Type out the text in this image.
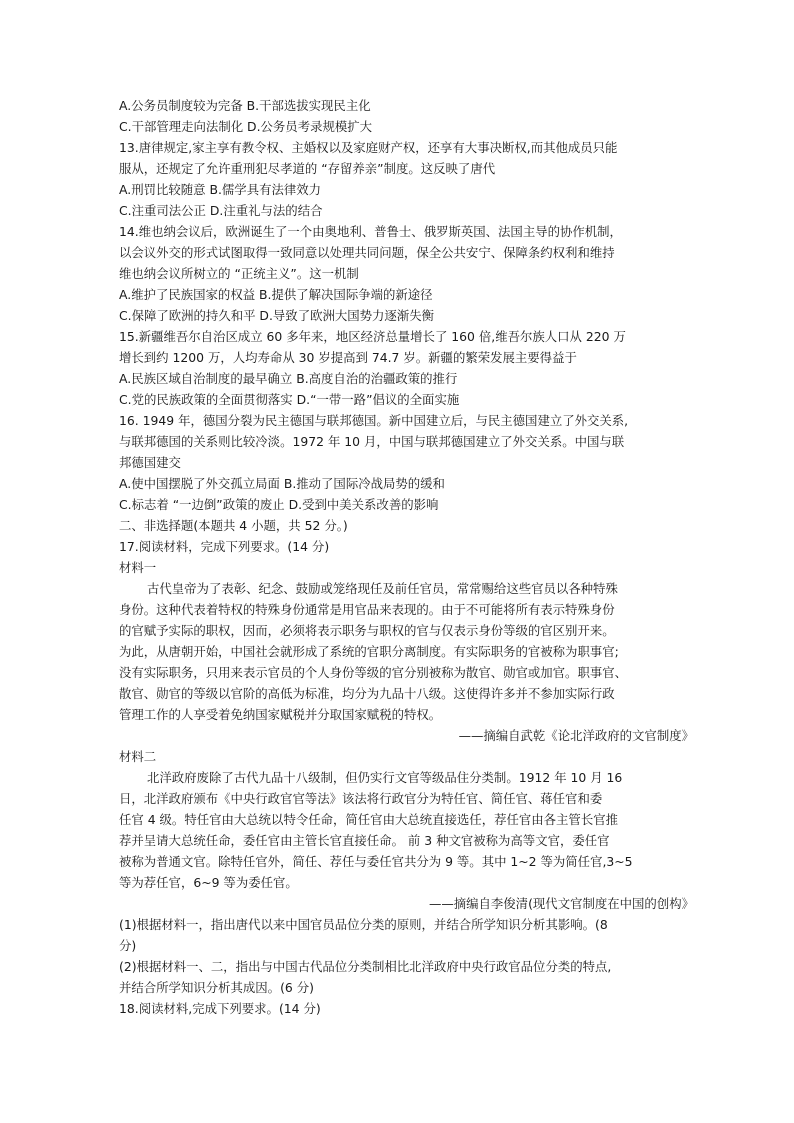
A.公务员制度较为完备 B.干部选拔实现民主化
C.干部管理走向法制化 D.公务员考录规模扩大
13.唐律规定,家主享有教令权、主婚权以及家庭财产权，还享有大事决断权,而其他成员只能
服从，还规定了允许重刑犯尽孝道的 “存留养亲”制度。这反映了唐代
A.刑罚比较随意 B.儒学具有法律效力
C.注重司法公正 D.注重礼与法的结合
14.维也纳会议后，欧洲诞生了一个由奥地利、普鲁士、俄罗斯英国、法国主导的协作机制，
以会议外交的形式试图取得一致同意以处理共同问题，保全公共安宁、保障条约权利和维持
维也纳会议所树立的 “正统主义”。这一机制
A.维护了民族国家的权益 B.提供了解决国际争端的新途径
C.保障了欧洲的持久和平 D.导致了欧洲大国势力逐渐失衡
15.新疆维吾尔自治区成立 60 多年来，地区经济总量增长了 160 倍,维吾尔族人口从 220 万
增长到约 1200 万，人均寿命从 30 岁提高到 74.7 岁。新疆的繁荣发展主要得益于
A.民族区域自治制度的最早确立 B.高度自治的治疆政策的推行
C.党的民族政策的全面贯彻落实 D.“一带一路”倡议的全面实施
16. 1949 年，德国分裂为民主德国与联邦德国。新中国建立后，与民主德国建立了外交关系,
与联邦德国的关系则比较冷淡。1972 年 10 月，中国与联邦德国建立了外交关系。中国与联
邦德国建交
A.使中国摆脱了外交孤立局面 B.推动了国际冷战局势的缓和
C.标志着 “一边倒”政策的废止 D.受到中美关系改善的影响
二、非选择题(本题共 4 小题，共 52 分。)
17.阅读材料，完成下列要求。(14 分)
材料一
古代皇帝为了表彰、纪念、鼓励或笼络现任及前任官员，常常赐给这些官员以各种特殊
身份。这种代表着特权的特殊身份通常是用官品来表现的。由于不可能将所有表示特殊身份
的官赋予实际的职权，因而，必须将表示职务与职权的官与仅表示身份等级的官区别开来。
为此，从唐朝开始，中国社会就形成了系统的官职分离制度。有实际职务的官被称为职事官;
没有实际职务，只用来表示官员的个人身份等级的官分别被称为散官、勋官或加官。职事官、
散官、勋官的等级以官阶的高低为标准，均分为九品十八级。这使得许多并不参加实际行政
管理工作的人享受着免纳国家赋税并分取国家赋税的特权。
——摘编自武乾《论北洋政府的文官制度》
材料二
北洋政府废除了古代九品十八级制，但仍实行文官等级品住分类制。1912 年 10 月 16
日，北洋政府颁布《中央行政官官等法》该法将行政官分为特任官、简任官、蒋任官和委
任官 4 级。特任官由大总统以特令任命，简任官由大总统直接选任，荐任官由各主管长官推
荐并呈请大总统任命，委任官由主管长官直接任命。 前 3 种文官被称为高等文官，委任官
被称为普通文官。除特任官外，简任、荐任与委任官共分为 9 等。其中 1~2 等为简任官,3~5
等为荐任官，6~9 等为委任官。
——摘编自李俊清(现代文官制度在中国的创构》
(1)根据材料一，指出唐代以来中国官员品位分类的原则，并结合所学知识分析其影响。(8
分)
(2)根据材料一、二，指出与中国古代品位分类制相比北洋政府中央行政官品位分类的特点,
并结合所学知识分析其成因。(6 分)
18.阅读材料,完成下列要求。(14 分)
